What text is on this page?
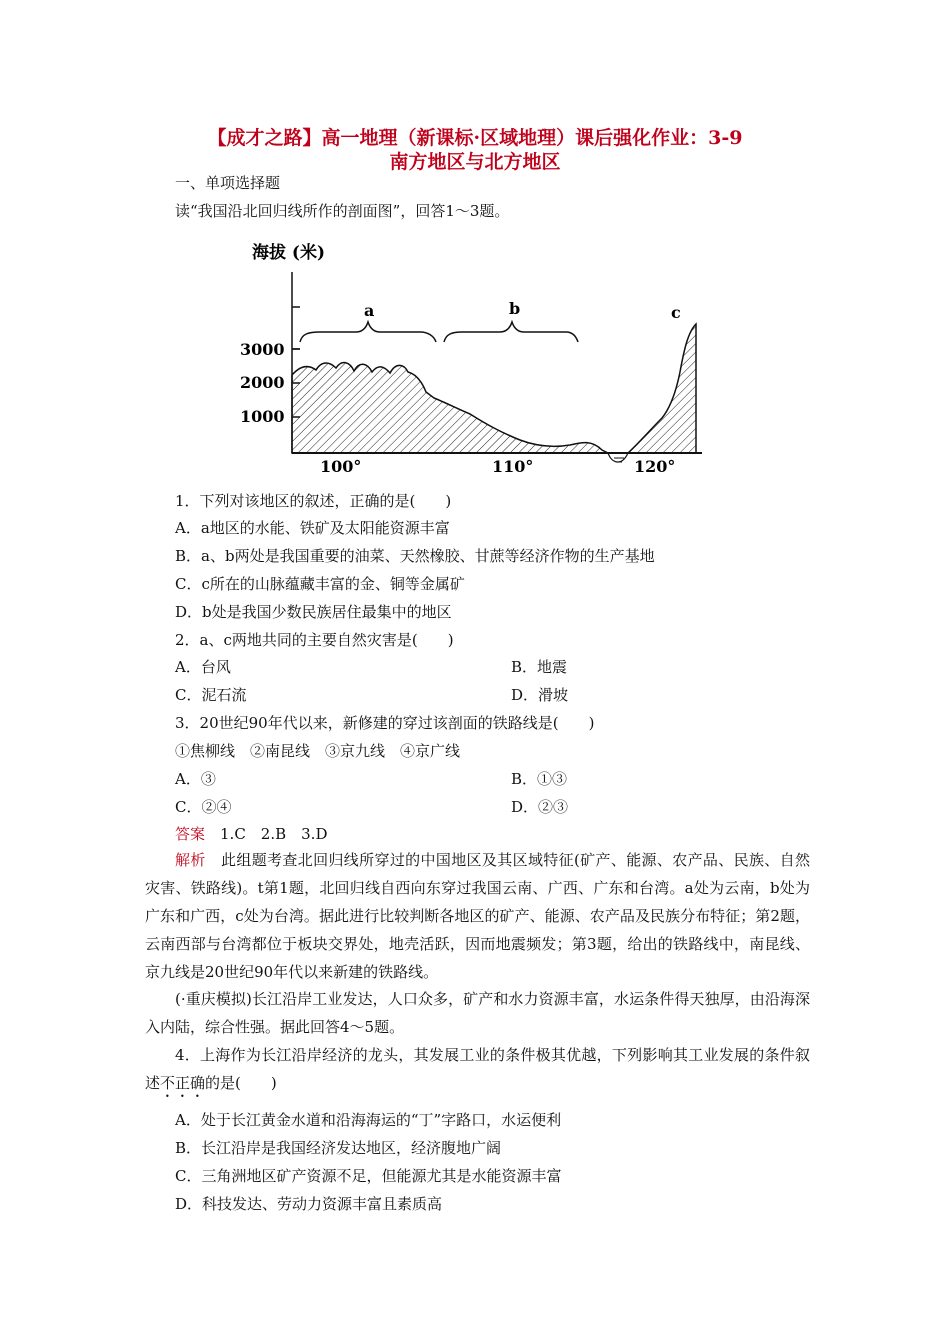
【成才之路】高一地理（新课标·区域地理）课后强化作业：3-9
南方地区与北方地区
一、单项选择题
读“我国沿北回归线所作的剖面图”，回答1～3题。
海拔 (米)
3000
2000
1000
a	b	c
100°	110°	120°
1．下列对该地区的叙述，正确的是(　　)
A．a地区的水能、铁矿及太阳能资源丰富
B．a、b两处是我国重要的油菜、天然橡胶、甘蔗等经济作物的生产基地
C．c所在的山脉蕴藏丰富的金、铜等金属矿
D．b处是我国少数民族居住最集中的地区
2．a、c两地共同的主要自然灾害是(　　)
A．台风	B．地震
C．泥石流	D．滑坡
3．20世纪90年代以来，新修建的穿过该剖面的铁路线是(　　)
①焦柳线　②南昆线　③京九线　④京广线
A．③	B．①③
C．②④	D．②③
答案　1.C　2.B　3.D
解析　此组题考查北回归线所穿过的中国地区及其区域特征(矿产、能源、农产品、民族、自然灾害、铁路线)。t第1题，北回归线自西向东穿过我国云南、广西、广东和台湾。a处为云南，b处为广东和广西，c处为台湾。据此进行比较判断各地区的矿产、能源、农产品及民族分布特征；第2题，云南西部与台湾都位于板块交界处，地壳活跃，因而地震频发；第3题，给出的铁路线中，南昆线、京九线是20世纪90年代以来新建的铁路线。
(·重庆模拟)长江沿岸工业发达，人口众多，矿产和水力资源丰富，水运条件得天独厚，由沿海深入内陆，综合性强。据此回答4～5题。
4．上海作为长江沿岸经济的龙头，其发展工业的条件极其优越，下列影响其工业发展的条件叙述不正确的是(　　)
A．处于长江黄金水道和沿海海运的“丁”字路口，水运便利
B．长江沿岸是我国经济发达地区，经济腹地广阔
C．三角洲地区矿产资源不足，但能源尤其是水能资源丰富
D．科技发达、劳动力资源丰富且素质高
